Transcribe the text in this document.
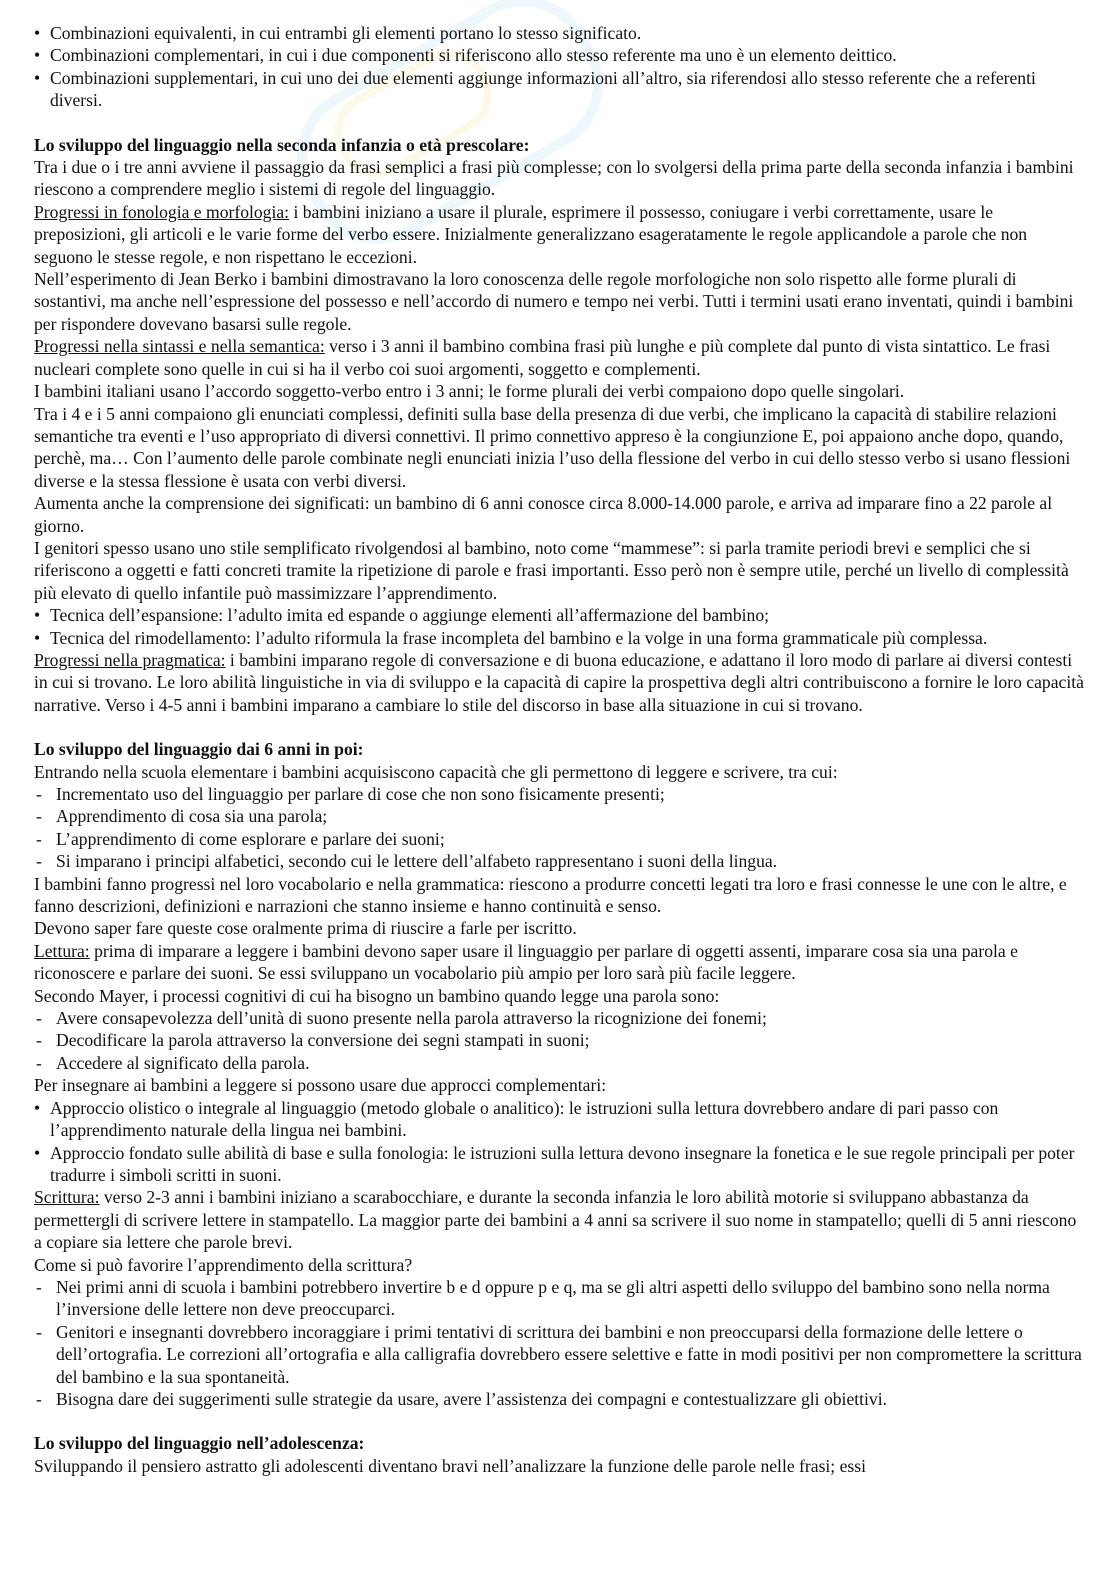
• Combinazioni equivalenti, in cui entrambi gli elementi portano lo stesso significato.
• Combinazioni complementari, in cui i due componenti si riferiscono allo stesso referente ma uno è un elemento deittico.
• Combinazioni supplementari, in cui uno dei due elementi aggiunge informazioni all’altro, sia riferendosi allo stesso referente che a referenti diversi.

Lo sviluppo del linguaggio nella seconda infanzia o età prescolare:

Tra i due o i tre anni avviene il passaggio da frasi semplici a frasi più complesse; con lo svolgersi della prima parte della seconda infanzia i bambini riescono a comprendere meglio i sistemi di regole del linguaggio.

Progressi in fonologia e morfologia: i bambini iniziano a usare il plurale, esprimere il possesso, coniugare i verbi correttamente, usare le preposizioni, gli articoli e le varie forme del verbo essere. Inizialmente generalizzano esageratamente le regole applicandole a parole che non seguono le stesse regole, e non rispettano le eccezioni.

Nell’esperimento di Jean Berko i bambini dimostravano la loro conoscenza delle regole morfologiche non solo rispetto alle forme plurali di sostantivi, ma anche nell’espressione del possesso e nell’accordo di numero e tempo nei verbi. Tutti i termini usati erano inventati, quindi i bambini per rispondere dovevano basarsi sulle regole.

Progressi nella sintassi e nella semantica: verso i 3 anni il bambino combina frasi più lunghe e più complete dal punto di vista sintattico. Le frasi nucleari complete sono quelle in cui si ha il verbo coi suoi argomenti, soggetto e complementi.

I bambini italiani usano l’accordo soggetto-verbo entro i 3 anni; le forme plurali dei verbi compaiono dopo quelle singolari.

Tra i 4 e i 5 anni compaiono gli enunciati complessi, definiti sulla base della presenza di due verbi, che implicano la capacità di stabilire relazioni semantiche tra eventi e l’uso appropriato di diversi connettivi. Il primo connettivo appreso è la congiunzione E, poi appaiono anche dopo, quando, perchè, ma… Con l’aumento delle parole combinate negli enunciati inizia l’uso della flessione del verbo in cui dello stesso verbo si usano flessioni diverse e la stessa flessione è usata con verbi diversi.

Aumenta anche la comprensione dei significati: un bambino di 6 anni conosce circa 8.000-14.000 parole, e arriva ad imparare fino a 22 parole al giorno.

I genitori spesso usano uno stile semplificato rivolgendosi al bambino, noto come “mammese”: si parla tramite periodi brevi e semplici che si riferiscono a oggetti e fatti concreti tramite la ripetizione di parole e frasi importanti. Esso però non è sempre utile, perché un livello di complessità più elevato di quello infantile può massimizzare l’apprendimento.

• Tecnica dell’espansione: l’adulto imita ed espande o aggiunge elementi all’affermazione del bambino;
• Tecnica del rimodellamento: l’adulto riformula la frase incompleta del bambino e la volge in una forma grammaticale più complessa.

Progressi nella pragmatica: i bambini imparano regole di conversazione e di buona educazione, e adattano il loro modo di parlare ai diversi contesti in cui si trovano. Le loro abilità linguistiche in via di sviluppo e la capacità di capire la prospettiva degli altri contribuiscono a fornire le loro capacità narrative. Verso i 4-5 anni i bambini imparano a cambiare lo stile del discorso in base alla situazione in cui si trovano.

Lo sviluppo del linguaggio dai 6 anni in poi:

Entrando nella scuola elementare i bambini acquisiscono capacità che gli permettono di leggere e scrivere, tra cui:

- Incrementato uso del linguaggio per parlare di cose che non sono fisicamente presenti;
- Apprendimento di cosa sia una parola;
- L’apprendimento di come esplorare e parlare dei suoni;
- Si imparano i principi alfabetici, secondo cui le lettere dell’alfabeto rappresentano i suoni della lingua.

I bambini fanno progressi nel loro vocabolario e nella grammatica: riescono a produrre concetti legati tra loro e frasi connesse le une con le altre, e fanno descrizioni, definizioni e narrazioni che stanno insieme e hanno continuità e senso.

Devono saper fare queste cose oralmente prima di riuscire a farle per iscritto.

Lettura: prima di imparare a leggere i bambini devono saper usare il linguaggio per parlare di oggetti assenti, imparare cosa sia una parola e riconoscere e parlare dei suoni. Se essi sviluppano un vocabolario più ampio per loro sarà più facile leggere.

Secondo Mayer, i processi cognitivi di cui ha bisogno un bambino quando legge una parola sono:

- Avere consapevolezza dell’unità di suono presente nella parola attraverso la ricognizione dei fonemi;
- Decodificare la parola attraverso la conversione dei segni stampati in suoni;
- Accedere al significato della parola.

Per insegnare ai bambini a leggere si possono usare due approcci complementari:

• Approccio olistico o integrale al linguaggio (metodo globale o analitico): le istruzioni sulla lettura dovrebbero andare di pari passo con l’apprendimento naturale della lingua nei bambini.
• Approccio fondato sulle abilità di base e sulla fonologia: le istruzioni sulla lettura devono insegnare la fonetica e le sue regole principali per poter tradurre i simboli scritti in suoni.

Scrittura: verso 2-3 anni i bambini iniziano a scarabocchiare, e durante la seconda infanzia le loro abilità motorie si sviluppano abbastanza da permettergli di scrivere lettere in stampatello. La maggior parte dei bambini a 4 anni sa scrivere il suo nome in stampatello; quelli di 5 anni riescono a copiare sia lettere che parole brevi.

Come si può favorire l’apprendimento della scrittura?

- Nei primi anni di scuola i bambini potrebbero invertire b e d oppure p e q, ma se gli altri aspetti dello sviluppo del bambino sono nella norma l’inversione delle lettere non deve preoccuparci.
- Genitori e insegnanti dovrebbero incoraggiare i primi tentativi di scrittura dei bambini e non preoccuparsi della formazione delle lettere o dell’ortografia. Le correzioni all’ortografia e alla calligrafia dovrebbero essere selettive e fatte in modi positivi per non compromettere la scrittura del bambino e la sua spontaneità.
- Bisogna dare dei suggerimenti sulle strategie da usare, avere l’assistenza dei compagni e contestualizzare gli obiettivi.

Lo sviluppo del linguaggio nell’adolescenza:

Sviluppando il pensiero astratto gli adolescenti diventano bravi nell’analizzare la funzione delle parole nelle frasi; essi
